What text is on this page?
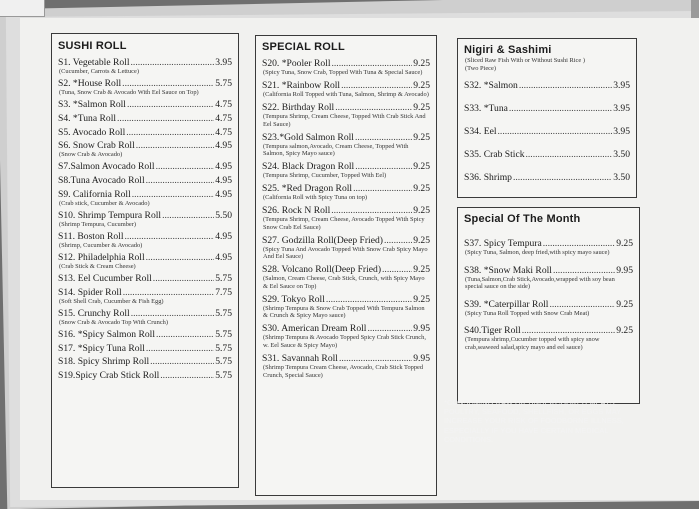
SUSHI ROLL
S1. Vegetable Roll .....	3.95
(Cucumber, Carrots & Lettuce)
S2. *House Roll .....	5.75
(Tuna, Snow Crab & Avocado With Eel Sauce on Top)
S3. *Salmon Roll .....	4.75
S4. *Tuna Roll .....	4.75
S5. Avocado Roll .....	4.75
S6. Snow Crab Roll .....	4.95
(Snow Crab & Avocado)
S7.Salmon Avocado Roll .....	4.95
S8.Tuna Avocado Roll .....	4.95
S9. California Roll .....	4.95
(Crab stick, Cucumber & Avocado)
S10. Shrimp Tempura Roll .....	5.50
(Shrimp Tempura, Cucumber)
S11. Boston Roll .....	4.95
(Shrimp, Cucumber & Avocado)
S12. Philadelphia Roll .....	4.95
(Crab Stick & Cream Cheese)
S13. Eel Cucumber Roll .....	5.75
S14. Spider Roll .....	7.75
(Soft Shell Crab, Cucumber & Fish Egg)
S15. Crunchy Roll .....	5.75
(Snow Crab & Avocado Top With Crunch)
S16. *Spicy Salmon Roll .....	5.75
S17. *Spicy Tuna Roll .....	5.75
S18. Spicy Shrimp Roll .....	5.75
S19.Spicy Crab Stick Roll .....	5.75
SPECIAL ROLL
S20. *Pooler Roll .....	9.25
(Spicy Tuna, Snow Crab, Topped With Tuna & Special Sauce)
S21. *Rainbow Roll .....	9.25
(California Roll Topped with Tuna, Salmon, Shrimp & Avocado)
S22. Birthday Roll .....	9.25
(Tempura Shrimp, Cream Cheese, Topped With Crab Stick And Eel Sauce)
S23.*Gold Salmon Roll .....	9.25
(Tempura salmon,Avocado, Cream Cheese, Topped With Salmon, Spicy Mayo sauce)
S24. Black Dragon Roll .....	9.25
(Tempura Shrimp, Cucumber, Topped With Eel)
S25. *Red Dragon Roll .....	9.25
(California Roll with Spicy Tuna on top)
S26. Rock N Roll .....	9.25
(Tempura Shrimp, Cream Cheese, Avocado Topped With Spicy Snow Crab Eel Sauce)
S27. Godzilla Roll(Deep Fried) .....	9.25
(Spicy Tuna And Avocado Topped With Snow Crab Spicy Mayo And Eel Sauce)
S28. Volcano Roll(Deep Fried) .....	9.25
(Salmon, Cream Cheese, Crab Stick, Crunch, with Spicy Mayo & Eel Sauce on Top)
S29. Tokyo Roll .....	9.25
(Shrimp Tempura & Snow Crab Topped With Tempura Salmon & Crunch & Spicy Mayo sauce)
S30. American Dream Roll .....	9.95
(Shrimp Tempura & Avocado Topped Spicy Crab Stick Crunch, w. Eel Sauce & Spicy Mayo)
S31. Savannah Roll .....	9.95
(Shrimp Tempura Cream Cheese, Avocado, Crab Stick Topped Crunch, Special Sauce)
Nigiri & Sashimi
(Sliced Raw Fish With or Without Sushi Rice )
(Two Piece)
S32. *Salmon .....	3.95
S33. *Tuna .....	3.95
S34. Eel .....	3.95
S35. Crab Stick .....	3.50
S36. Shrimp .....	3.50
Special Of The Month
S37. Spicy Tempura .....	9.25
(Spicy Tuna, Salmon, deep fried,with spicy mayo sauce)
S38. *Snow Maki Roll .....	9.95
(Tuna,Salmon,Crab Stick,Avocado,wrapped with soy bean special sauce on the side)
S39. *Caterpillar Roll .....	9.25
(Spicy Tuna Roll Topped with Snow Crab Meat)
S40.Tiger Roll .....	9.25
(Tempura shrimp,Cucumber topped with spicy snow crab,seaweed salad,spicy mayo and eel sauce)
*CONSUMING RAW OR UNDERCOOKED MEATS, POULTRY, SEAFOOD, SHELLFISH, OR EGGS MAY INCREASE YOUR RISK OF FOODBORNE ILLNESS, ESPECIALLY IF YOU HAVE CERTAIN MEDICAL CONDITIONS.
